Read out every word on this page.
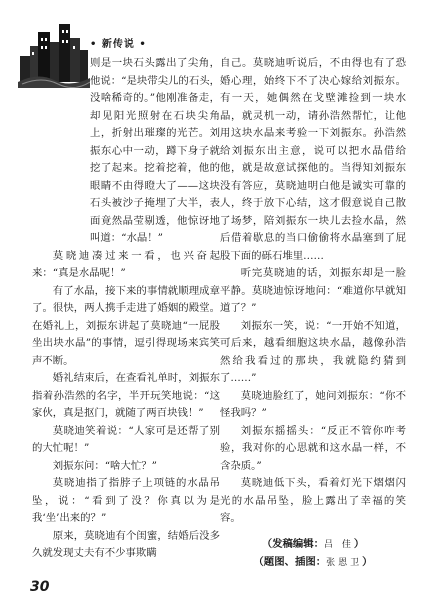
• 新传说 •

则是一块石头露出了尖角，他说：“是块带尖儿的石头，没啥稀奇的。”他刚准备走，却见阳光照射在石块尖角上，折射出璀璨的光芒。刘振东心中一动，蹲下身子就挖了起来。挖着挖着，他的眼睛不由得瞪大了——这块石头被沙子掩埋了大半，表面竟然晶莹剔透，他惊讶地叫道：“水晶！”

莫晓迪凑过来一看，也兴奋起来：“真是水晶呢！”

有了水晶，接下来的事情就顺理成章了。很快，两人携手走进了婚姻的殿堂。在婚礼上，刘振东讲起了莫晓迪“一屁股坐出块水晶”的事情，逗引得现场来宾笑声不断。

婚礼结束后，在查看礼单时，刘振东指着孙浩然的名字，半开玩笑地说：“这家伙，真是抠门，就随了两百块钱！”

莫晓迪笑着说：“人家可是还帮了别的大忙呢！”

刘振东问：“啥大忙？”

莫晓迪指了指脖子上项链的水晶吊坠，说：“看到了没？你真以为是我‘坐’出来的？”

原来，莫晓迪有个闺蜜，结婚后没多久就发现丈夫有不少事欺瞒

自己。莫晓迪听说后，不由得也有了恐婚心理，始终下不了决心嫁给刘振东。有一天，她偶然在戈壁滩捡到一块水晶，就灵机一动，请孙浩然帮忙，让他用这块水晶来考验一下刘振东。孙浩然给刘振东出主意，说可以把水晶借给他，就是故意试探他的。当得知刘振东没有答应，莫晓迪明白他是诚实可靠的人，终于放下心结，这才假意说自己散了场梦，陪刘振东一块儿去捡水晶，然后借着歇息的当口偷偷将水晶塞到了屁股下面的砾石堆里……

听完莫晓迪的话，刘振东却是一脸平静。莫晓迪惊讶地问：“难道你早就知道了？”

刘振东一笑，说：“一开始不知道，可后来，越看细胞这块水晶，越像孙浩然给我看过的那块，我就隐约猜到了……”

莫晓迪脸红了，她问刘振东：“你不怪我吗？”

刘振东摇摇头：“反正不管你咋考验，我对你的心思就和这水晶一样，不含杂质。”

莫晓迪低下头，看着灯光下熠熠闪光的水晶吊坠，脸上露出了幸福的笑容。

（发稿编辑：吕 佳）
（题图、插图：张恩卫）
30
